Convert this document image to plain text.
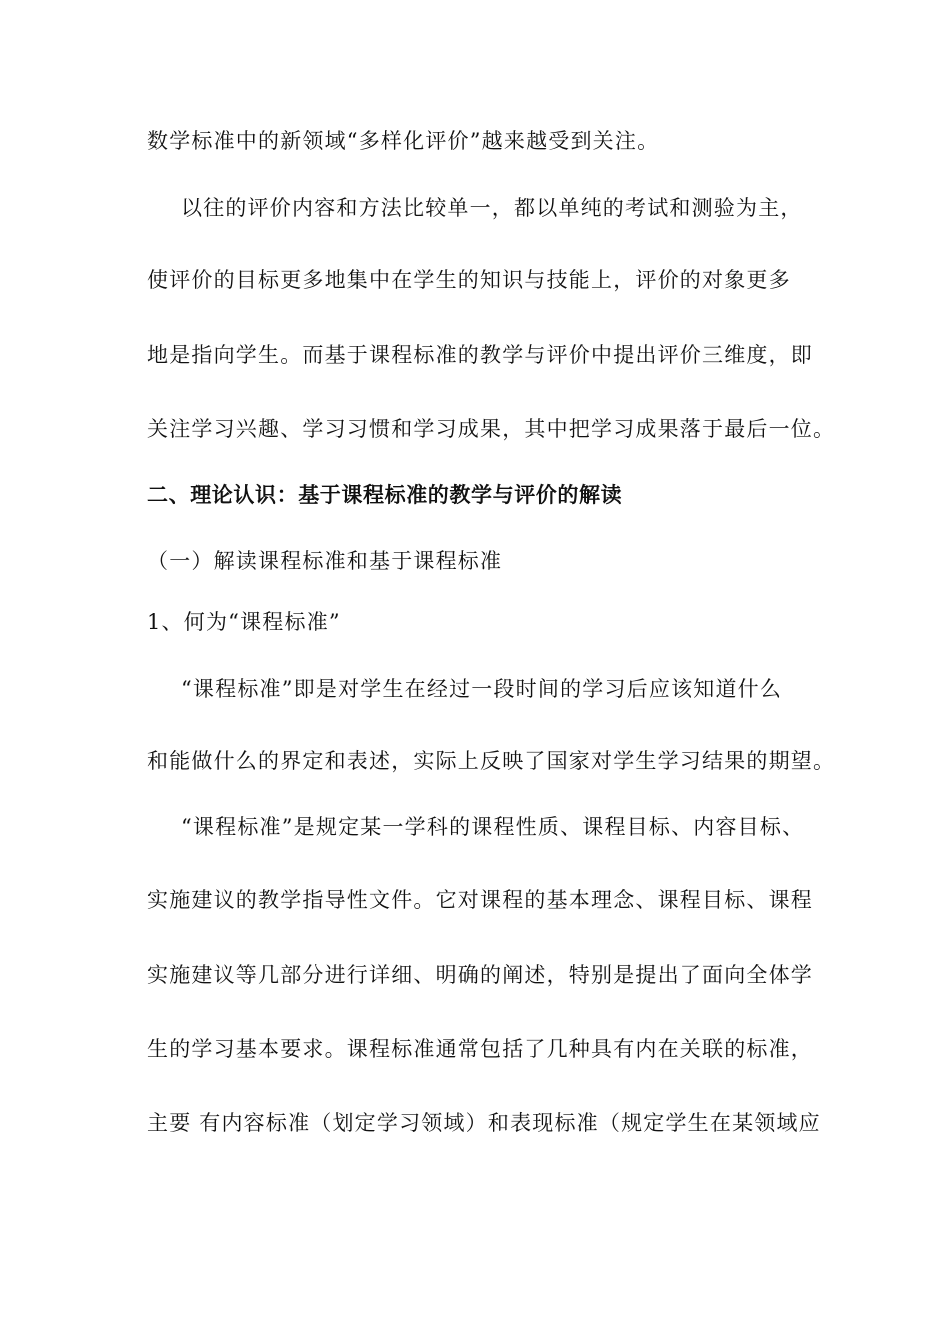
数学标准中的新领域“多样化评价”越来越受到关注。
以往的评价内容和方法比较单一，都以单纯的考试和测验为主，
使评价的目标更多地集中在学生的知识与技能上，评价的对象更多
地是指向学生。而基于课程标准的教学与评价中提出评价三维度，即
关注学习兴趣、学习习惯和学习成果，其中把学习成果落于最后一位。
二、理论认识：基于课程标准的教学与评价的解读
（一）解读课程标准和基于课程标准
1、何为“课程标准”
“课程标准”即是对学生在经过一段时间的学习后应该知道什么
和能做什么的界定和表述，实际上反映了国家对学生学习结果的期望。
“课程标准”是规定某一学科的课程性质、课程目标、内容目标、
实施建议的教学指导性文件。它对课程的基本理念、课程目标、课程
实施建议等几部分进行详细、明确的阐述，特别是提出了面向全体学
生的学习基本要求。课程标准通常包括了几种具有内在关联的标准，
主要 有内容标准（划定学习领域）和表现标准（规定学生在某领域应
